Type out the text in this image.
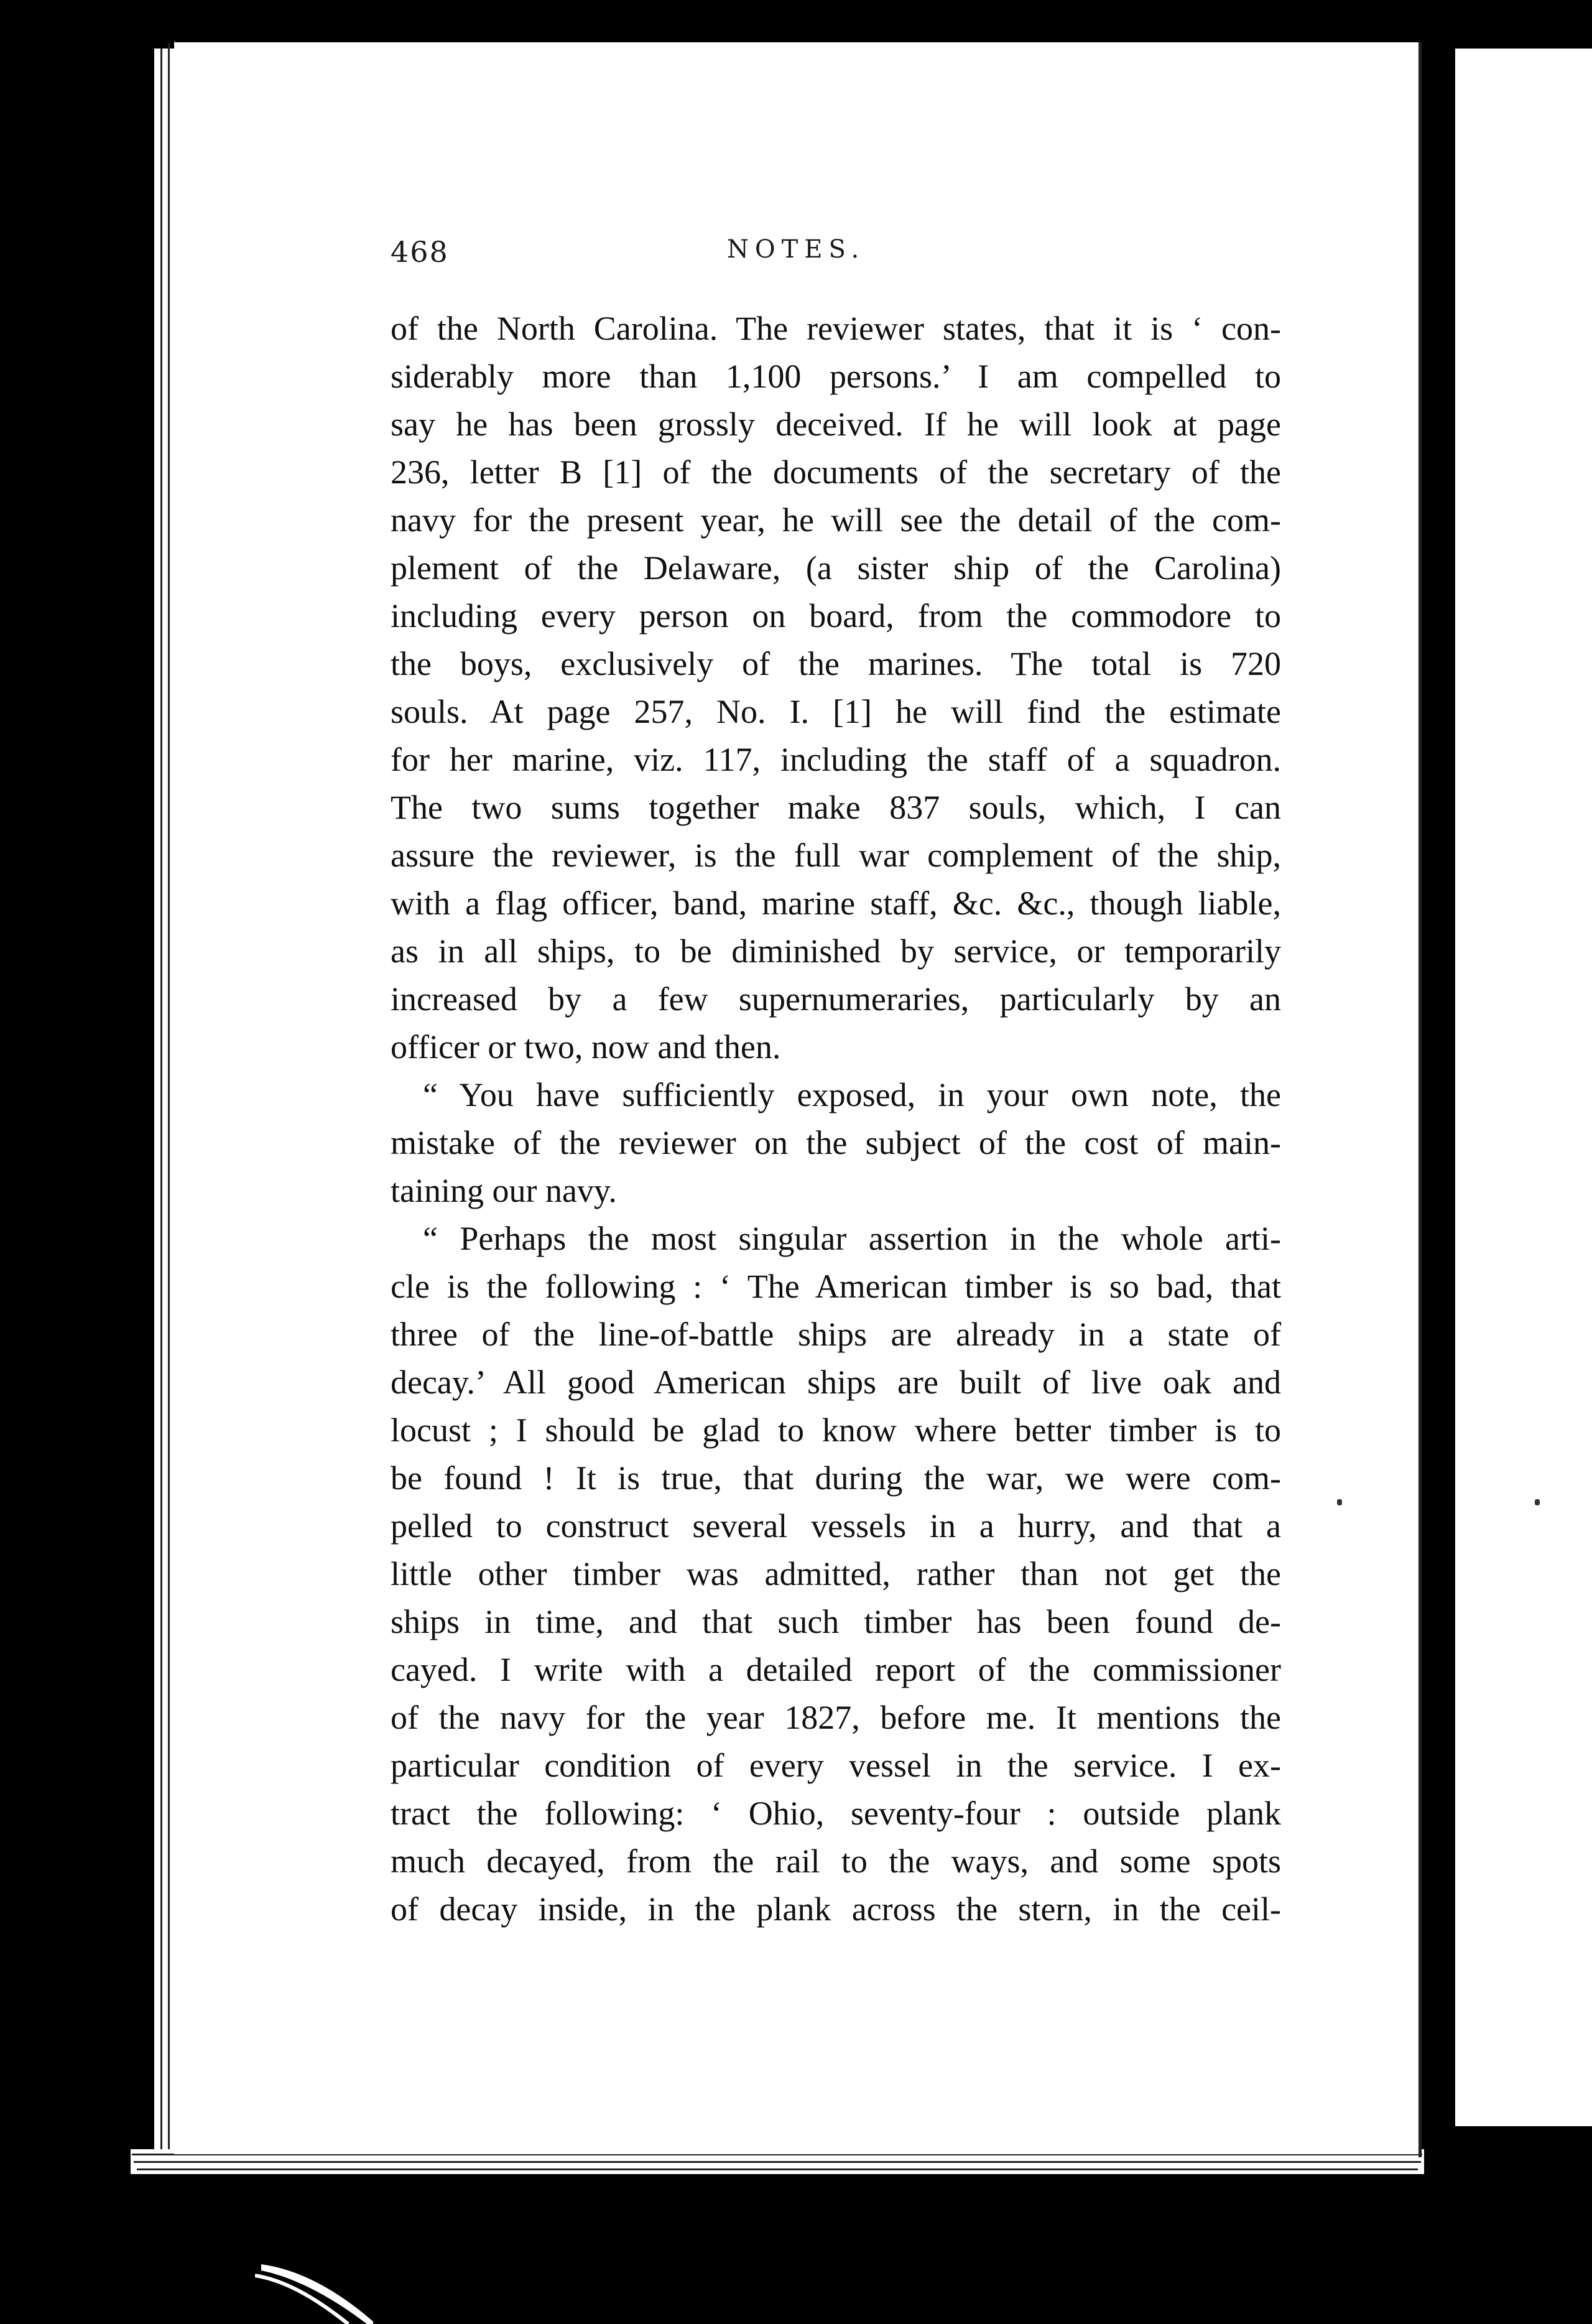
468	NOTES.
of the North Carolina. The reviewer states, that it is ‘ con-
siderably more than 1,100 persons.’ I am compelled to
say he has been grossly deceived. If he will look at page
236, letter B [1] of the documents of the secretary of the
navy for the present year, he will see the detail of the com-
plement of the Delaware, (a sister ship of the Carolina)
including every person on board, from the commodore to
the boys, exclusively of the marines. The total is 720
souls. At page 257, No. I. [1] he will find the estimate
for her marine, viz. 117, including the staff of a squadron.
The two sums together make 837 souls, which, I can
assure the reviewer, is the full war complement of the ship,
with a flag officer, band, marine staff, &c. &c., though liable,
as in all ships, to be diminished by service, or temporarily
increased by a few supernumeraries, particularly by an
officer or two, now and then.
“ You have sufficiently exposed, in your own note, the
mistake of the reviewer on the subject of the cost of main-
taining our navy.
“ Perhaps the most singular assertion in the whole arti-
cle is the following : ‘ The American timber is so bad, that
three of the line-of-battle ships are already in a state of
decay.’ All good American ships are built of live oak and
locust ; I should be glad to know where better timber is to
be found ! It is true, that during the war, we were com-
pelled to construct several vessels in a hurry, and that a
little other timber was admitted, rather than not get the
ships in time, and that such timber has been found de-
cayed. I write with a detailed report of the commissioner
of the navy for the year 1827, before me. It mentions the
particular condition of every vessel in the service. I ex-
tract the following: ‘ Ohio, seventy-four : outside plank
much decayed, from the rail to the ways, and some spots
of decay inside, in the plank across the stern, in the ceil-
